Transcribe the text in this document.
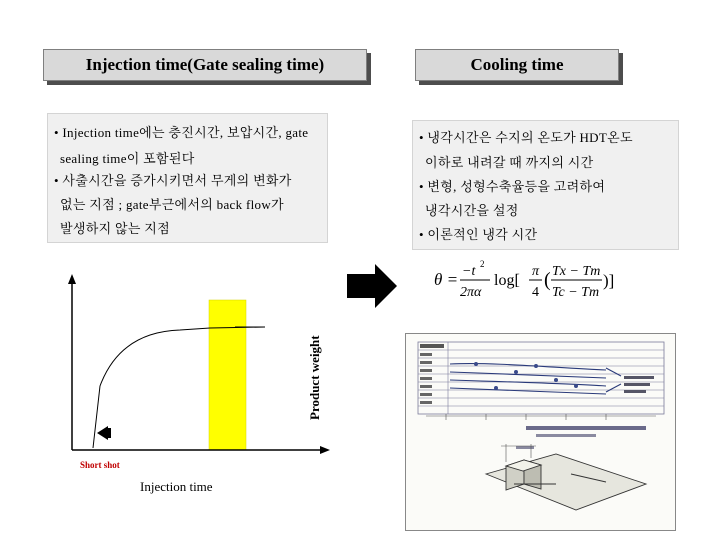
Injection time(Gate sealing time)	Cooling time
• Injection time에는 충진시간, 보압시간, gate
sealing time이 포함된다
• 사출시간을 증가시키면서 무게의 변화가
없는 지점 ; gate부근에서의 back flow가
발생하지 않는 지점
• 냉각시간은 수지의 온도가 HDT온도
이하로 내려갈 때 까지의 시간
• 변형, 성형수축율등을 고려하여
냉각시간을 설정
• 이론적인 냉각 시간
Product weight
Injection time
Short shot
θ = −t 2
2πα
log[
π
4
( Tx − Tm
Tc − Tm
)]
